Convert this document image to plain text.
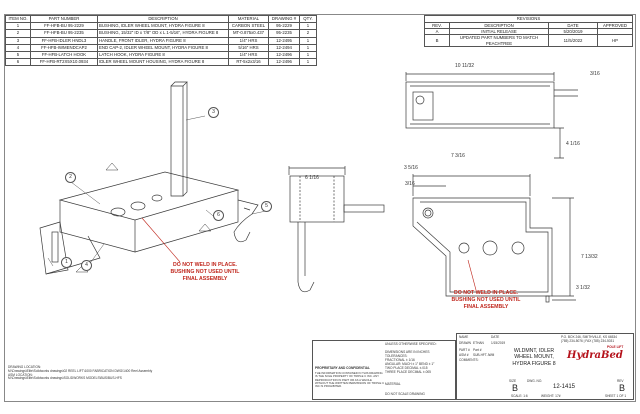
ITEM NO.	PART NUMBER	DESCRIPTION	MATERIAL	DRAWING #	QTY.
1	FF-HFB-BU 95-2229	BUSHING, IDLER WHEEL MOUNT, HYDRA FIGURE 8	CARBON STEEL	95-2229	1
2	FF-HFB-BU 95-2235	BUSHING, 15/32" ID x 7/8" OD x L 1-5/16", HYDRA FIGURE 8	MT-0.875x0.437	95-2235	2
3	FF-HFB-IDLER HNDL3	HANDLE, FRONT IDLER, HYDRA FIGURE 8	1/4" HRS	12-2495	1
4	FF-HFB-IWMENDCAP2	END CAP-2, IDLER WHEEL MOUNT, HYDRA FIGURE 8	5/16" HRS	12-2494	1
5	FF-HFB-LATCH HOOK	LATCH HOOK, HYDRA FIGURE 8	1/4" HRS	12-2496	1
6	FF-HFB-RT2X5X10.0934	IDLER WHEEL MOUNT HOUSING, HYDRA FIGURE 8	RT-5x2x3/16	12-2496	1
REVISIONS			
REV.	DESCRIPTION	DATE	APPROVED
A	INITIAL RELEASE	5/20/2019	
B	UPDATED PART NUMBERS TO MATCH PEACHTREE	11/5/2022	HP
1
2
3
4
5
6
10 11/32
3/16
4 1/16
6 1/16
7 3/16
3 5/16
3/16
7 13/32
3 1/32
DO NOT WELD IN PLACE.
BUSHING NOT USED UNTIL
FINAL ASSEMBLY
DO NOT WELD IN PLACE.
BUSHING NOT USED UNTIL
FINAL ASSEMBLY
DRAWING LOCATION:
M:\Drawings\Elite\Solidworks drawings\02 REEL LIFT\1000 FABRICATION DWG\1400 Reel Assembly
ASM LOCATION:
M:\Drawings\Elite\Solidworks drawings\SOLIDWORKS MODELS\BUS\BUS-HFS
PROPRIETARY AND CONFIDENTIAL
THE INFORMATION CONTAINED IN THIS DRAWING IS THE SOLE PROPERTY OF TRIPLE C INC. ANY REPRODUCTION IN PART OR AS A WHOLE WITHOUT THE WRITTEN PERMISSION OF TRIPLE C INC IS PROHIBITED.
UNLESS OTHERWISE SPECIFIED:
DIMENSIONS ARE IN INCHES
TOLERANCES:
FRACTIONAL ± 1/16
ANGULAR: MACH ± 1° BEND ± 1°
TWO PLACE DECIMAL ±.015
THREE PLACE DECIMAL ±.005
MATERIAL
DO NOT SCALE DRAWING
NAME	DATE
DRAWN ETHAN 1/15/2019
PART # Part #
ASM # SUB-HFT-IWM
COMMENTS:
P.O. BOX 246, SMITHVILLE, KS 66534
(785) 234-5076 | FAX (785) 234-5031
POLE LIFT
HydraBed
WLDMNT, IDLER
WHEEL MOUNT,
HYDRA FIGURE 8
SIZE
B
DWG. NO.
12-1415
REV
B
SCALE: 1:6	WEIGHT: 17#	SHEET 1 OF 1
